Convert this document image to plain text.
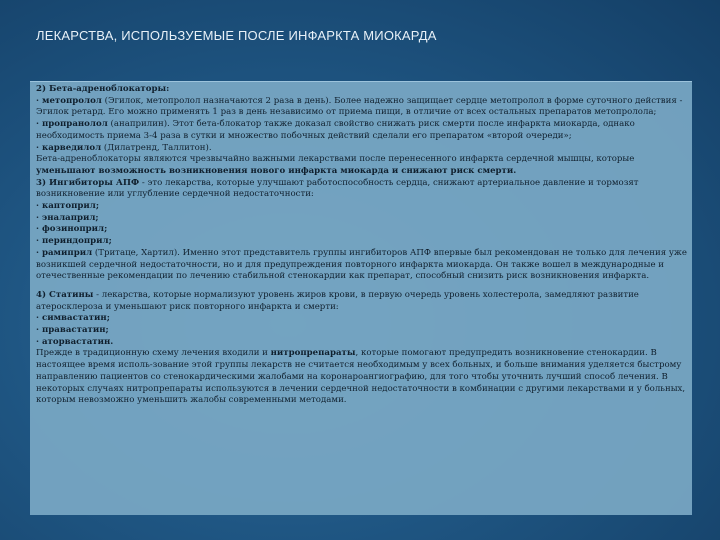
ЛЕКАРСТВА, ИСПОЛЬЗУЕМЫЕ ПОСЛЕ ИНФАРКТА МИОКАРДА

2) Бета-адреноблокаторы:

· метопролол (Эгилок, метопролол назначаются 2 раза в день). Более надежно защищает сердце метопролол в форме суточного действия - Эгилок ретард. Его можно применять 1 раз в день независимо от приема пищи, в отличие от всех остальных препаратов метопролола;

· пропранолол (анаприлин). Этот бета-блокатор также доказал свойство снижать риск смерти после инфаркта миокарда, однако необходимость приема 3-4 раза в сутки и множество побочных действий сделали его препаратом «второй очереди»;

· карведилол (Дилатренд, Таллитон).

Бета-адреноблокаторы являются чрезвычайно важными лекарствами после перенесенного инфаркта сердечной мышцы, которые уменьшают возможность возникновения нового инфаркта миокарда и снижают риск смерти.

3) Ингибиторы АПФ - это лекарства, которые улучшают работоспособность сердца, снижают артериальное давление и тормозят возникновение или углубление сердечной недостаточности:

· каптоприл;

· эналаприл;

· фозиноприл;

· периндоприл;

· рамиприл (Тритаце, Хартил). Именно этот представитель группы ингибиторов АПФ впервые был рекомендован не только для лечения уже возникшей сердечной недостаточности, но и для предупреждения повторного инфаркта миокарда. Он также вошел в международные и отечественные рекомендации по лечению стабильной стенокардии как препарат, способный снизить риск возникновения инфаркта.

4) Статины - лекарства, которые нормализуют уровень жиров крови, в первую очередь уровень холестерола, замедляют развитие атеросклероза и уменьшают риск повторного инфаркта и смерти:

· симвастатин;

· правастатин;

· аторвастатин.

Прежде в традиционную схему лечения входили и нитропрепараты, которые помогают предупредить возникновение стенокардии. В настоящее время исполь-зование этой группы лекарств не считается необходимым у всех больных, и больше внимания уделяется быстрому направлению пациентов со стенокардическими жалобами на коронароангиографию, для того чтобы уточнить лучший способ лечения. В некоторых случаях нитропрепараты используются в лечении сердечной недостаточности в комбинации с другими лекарствами и у больных, которым невозможно уменьшить жалобы современными методами.
